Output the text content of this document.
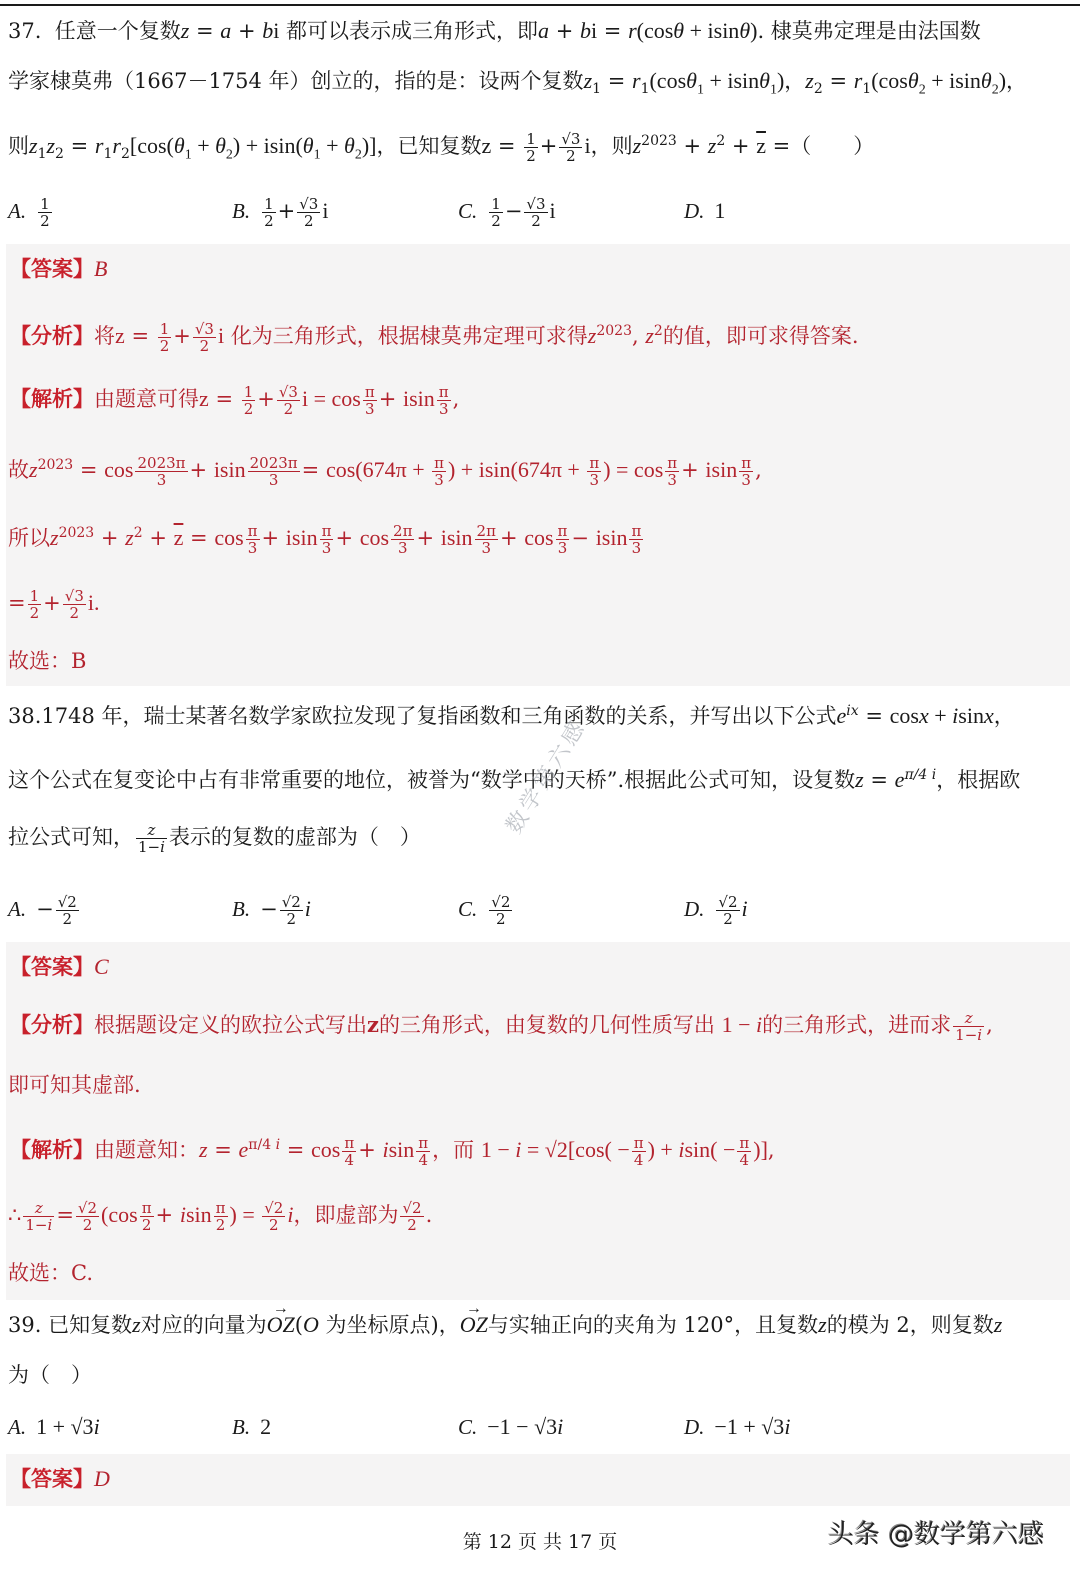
37.  任意一个复数z = a + bi 都可以表示成三角形式，即a + bi = r(cosθ + isinθ). 棣莫弗定理是由法国数
学家棣莫弗（1667－1754 年）创立的，指的是：设两个复数$z_1 = r_1(\cos\theta_1 + isin\theta_1)$，$z_2 = r_1(\cos\theta_2 + isin\theta_2)$，
则$z_1z_2 = r_1r_2[\cos(\theta_1 + \theta_2) + isin(\theta_1 + \theta_2)]$，已知复数$z = \frac{1}{2} + \frac{√3}{2}$ i，则$z^{2023} + z^2 + \overline{z}$ =（　　）
A. $\frac{1}{2}$	B. $\frac{1}{2} + \frac{√3}{2}$ i	C. $\frac{1}{2} - \frac{√3}{2}$ i	D. 1
【答案】B
【分析】将$z = \frac{1}{2} + \frac{√3}{2}$ i 化为三角形式，根据棣莫弗定理可求得$z^{2023}$, $z^2$的值，即可求得答案.
【解析】由题意可得$z = \frac{1}{2} + \frac{√3}{2}$ $i = \cos \frac{\pi}{3} + isin \frac{\pi}{3}$ ,
故$z^{2023} = \cos \frac{2023\pi}{3} + isin \frac{2023\pi}{3} = \cos(674\pi + \frac{\pi}{3}$ ) + $isin(674\pi + \frac{\pi}{3}$ ) = $\cos \frac{\pi}{3} + isin \frac{\pi}{3}$ ,
所以$z^{2023} + z^2 + \overline{z} = \cos \frac{\pi}{3} + isin \frac{\pi}{3} + \cos \frac{2\pi}{3} + isin \frac{2\pi}{3} + \cos \frac{\pi}{3} - isin \frac{\pi}{3}$
= $\frac{1}{2} + \frac{√3}{2} i$.
故选：B
38.1748 年，瑞士某著名数学家欧拉发现了复指函数和三角函数的关系，并写出以下公式$e^{ix} = \cos x + isinx$，
这个公式在复变论中占有非常重要的地位，被誉为“数学中的天桥”.根据此公式可知，设复数$z = e^{\pi/4 i}$，根据欧
拉公式可知， $\frac{z}{1-i}$ 表示的复数的虚部为（　）
A. − $\frac{√2}{2}$	B. − $\frac{√2}{2}$ i	C. $\frac{√2}{2}$	D. $\frac{√2}{2}$ i
【答案】C
【分析】根据题设定义的欧拉公式写出z的三角形式，由复数的几何性质写出 1 − i的三角形式，进而求 $\frac{z}{1-i}$ ,
即可知其虚部.
【解析】由题意知：$z = e^{\pi/4 i} = \cos \frac{\pi}{4} + isin \frac{\pi}{4}$ ，而 $1 - i = √2[\cos( - \frac{\pi}{4}$ ) + $isin( - \frac{\pi}{4}$ )],
∴ $\frac{z}{1-i} = \frac{√2}{2} (\cos \frac{\pi}{2} + isin \frac{\pi}{2}$ ) = $\frac{√2}{2}$ i，即虚部为 $\frac{√2}{2}$ .
故选：C.
数学第六感
39. 已知复数z对应的向量为→ OZ(O 为坐标原点)，→ OZ与实轴正向的夹角为 120°，且复数z的模为 2，则复数z
为（　）
A. 1 + √3i	B. 2	C. −1 − √3i	D. −1 + √3i
【答案】D
第 12 页 共 17 页	头条 @数学第六感
